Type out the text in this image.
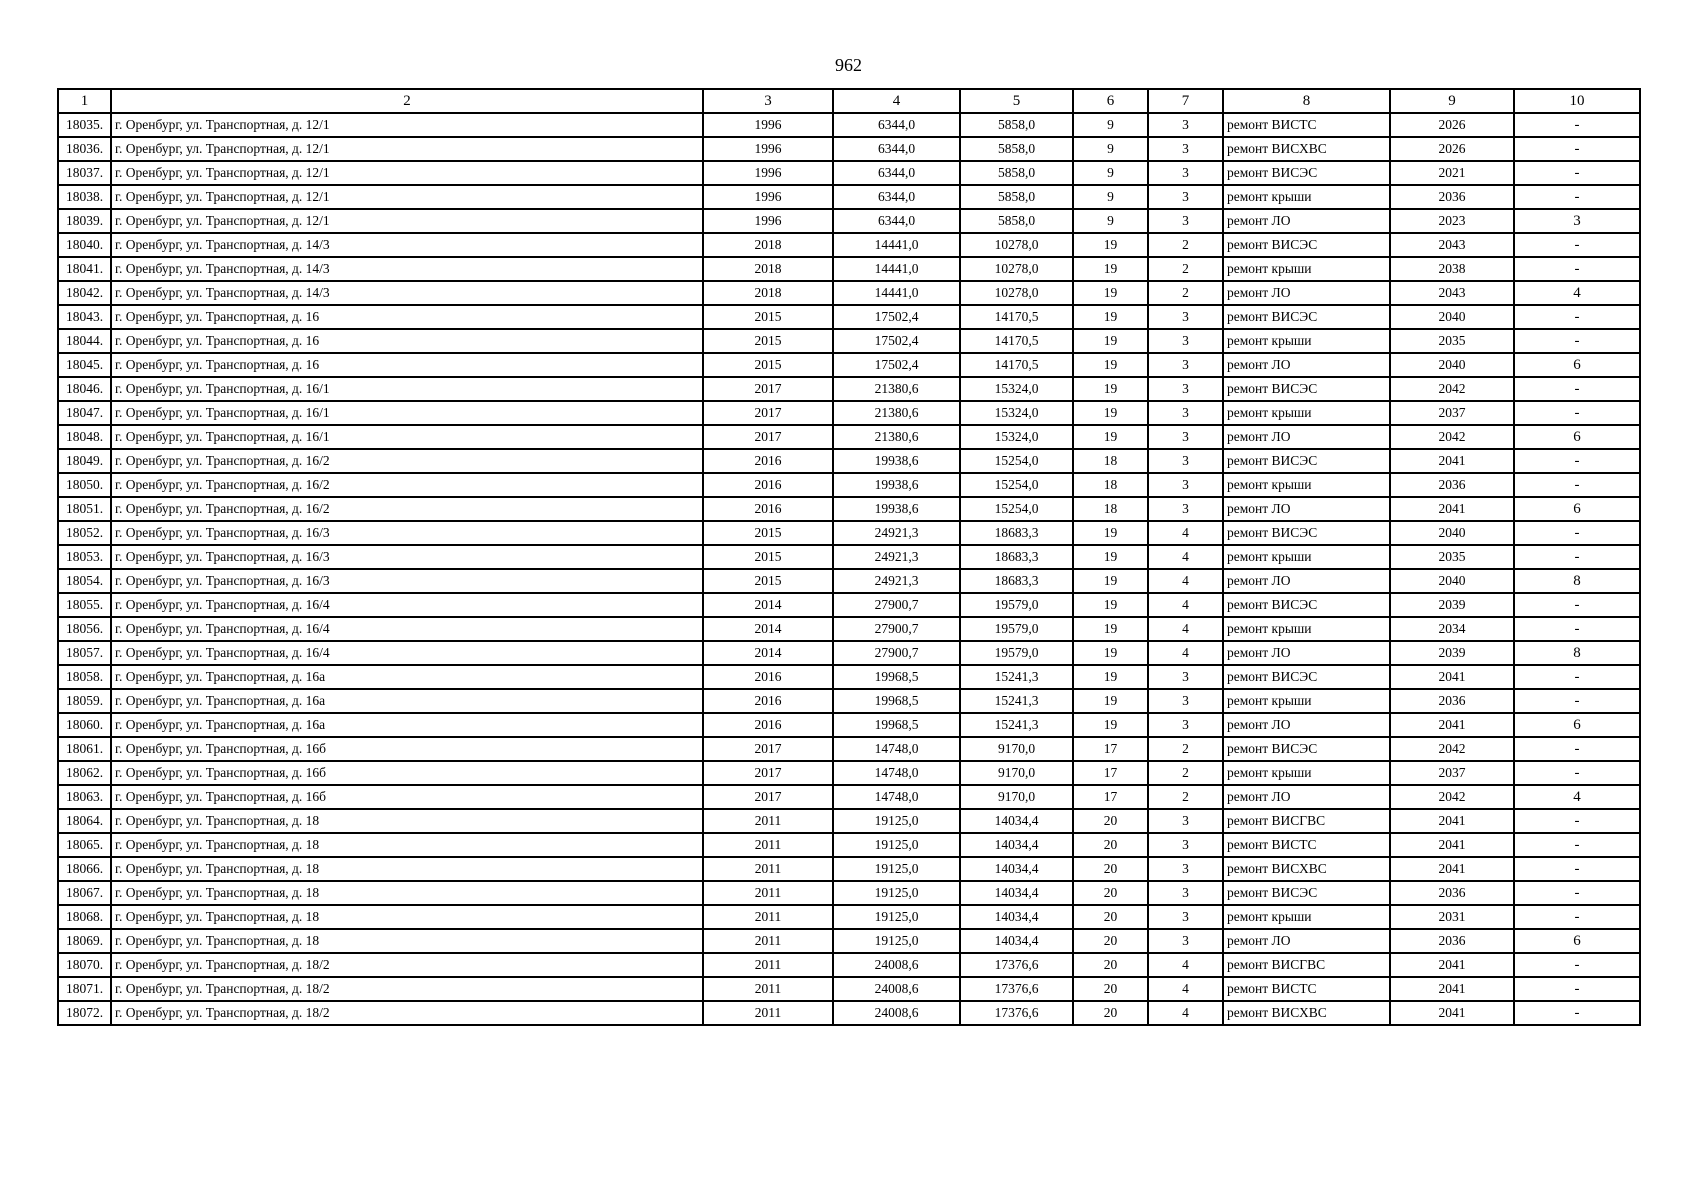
962
1	2	3	4	5	6	7	8	9	10
18035.	г. Оренбург, ул. Транспортная, д. 12/1	1996	6344,0	5858,0	9	3	ремонт ВИСТС	2026	-
18036.	г. Оренбург, ул. Транспортная, д. 12/1	1996	6344,0	5858,0	9	3	ремонт ВИСХВС	2026	-
18037.	г. Оренбург, ул. Транспортная, д. 12/1	1996	6344,0	5858,0	9	3	ремонт ВИСЭС	2021	-
18038.	г. Оренбург, ул. Транспортная, д. 12/1	1996	6344,0	5858,0	9	3	ремонт крыши	2036	-
18039.	г. Оренбург, ул. Транспортная, д. 12/1	1996	6344,0	5858,0	9	3	ремонт ЛО	2023	3
18040.	г. Оренбург, ул. Транспортная, д. 14/3	2018	14441,0	10278,0	19	2	ремонт ВИСЭС	2043	-
18041.	г. Оренбург, ул. Транспортная, д. 14/3	2018	14441,0	10278,0	19	2	ремонт крыши	2038	-
18042.	г. Оренбург, ул. Транспортная, д. 14/3	2018	14441,0	10278,0	19	2	ремонт ЛО	2043	4
18043.	г. Оренбург, ул. Транспортная, д. 16	2015	17502,4	14170,5	19	3	ремонт ВИСЭС	2040	-
18044.	г. Оренбург, ул. Транспортная, д. 16	2015	17502,4	14170,5	19	3	ремонт крыши	2035	-
18045.	г. Оренбург, ул. Транспортная, д. 16	2015	17502,4	14170,5	19	3	ремонт ЛО	2040	6
18046.	г. Оренбург, ул. Транспортная, д. 16/1	2017	21380,6	15324,0	19	3	ремонт ВИСЭС	2042	-
18047.	г. Оренбург, ул. Транспортная, д. 16/1	2017	21380,6	15324,0	19	3	ремонт крыши	2037	-
18048.	г. Оренбург, ул. Транспортная, д. 16/1	2017	21380,6	15324,0	19	3	ремонт ЛО	2042	6
18049.	г. Оренбург, ул. Транспортная, д. 16/2	2016	19938,6	15254,0	18	3	ремонт ВИСЭС	2041	-
18050.	г. Оренбург, ул. Транспортная, д. 16/2	2016	19938,6	15254,0	18	3	ремонт крыши	2036	-
18051.	г. Оренбург, ул. Транспортная, д. 16/2	2016	19938,6	15254,0	18	3	ремонт ЛО	2041	6
18052.	г. Оренбург, ул. Транспортная, д. 16/3	2015	24921,3	18683,3	19	4	ремонт ВИСЭС	2040	-
18053.	г. Оренбург, ул. Транспортная, д. 16/3	2015	24921,3	18683,3	19	4	ремонт крыши	2035	-
18054.	г. Оренбург, ул. Транспортная, д. 16/3	2015	24921,3	18683,3	19	4	ремонт ЛО	2040	8
18055.	г. Оренбург, ул. Транспортная, д. 16/4	2014	27900,7	19579,0	19	4	ремонт ВИСЭС	2039	-
18056.	г. Оренбург, ул. Транспортная, д. 16/4	2014	27900,7	19579,0	19	4	ремонт крыши	2034	-
18057.	г. Оренбург, ул. Транспортная, д. 16/4	2014	27900,7	19579,0	19	4	ремонт ЛО	2039	8
18058.	г. Оренбург, ул. Транспортная, д. 16а	2016	19968,5	15241,3	19	3	ремонт ВИСЭС	2041	-
18059.	г. Оренбург, ул. Транспортная, д. 16а	2016	19968,5	15241,3	19	3	ремонт крыши	2036	-
18060.	г. Оренбург, ул. Транспортная, д. 16а	2016	19968,5	15241,3	19	3	ремонт ЛО	2041	6
18061.	г. Оренбург, ул. Транспортная, д. 16б	2017	14748,0	9170,0	17	2	ремонт ВИСЭС	2042	-
18062.	г. Оренбург, ул. Транспортная, д. 16б	2017	14748,0	9170,0	17	2	ремонт крыши	2037	-
18063.	г. Оренбург, ул. Транспортная, д. 16б	2017	14748,0	9170,0	17	2	ремонт ЛО	2042	4
18064.	г. Оренбург, ул. Транспортная, д. 18	2011	19125,0	14034,4	20	3	ремонт ВИСГВС	2041	-
18065.	г. Оренбург, ул. Транспортная, д. 18	2011	19125,0	14034,4	20	3	ремонт ВИСТС	2041	-
18066.	г. Оренбург, ул. Транспортная, д. 18	2011	19125,0	14034,4	20	3	ремонт ВИСХВС	2041	-
18067.	г. Оренбург, ул. Транспортная, д. 18	2011	19125,0	14034,4	20	3	ремонт ВИСЭС	2036	-
18068.	г. Оренбург, ул. Транспортная, д. 18	2011	19125,0	14034,4	20	3	ремонт крыши	2031	-
18069.	г. Оренбург, ул. Транспортная, д. 18	2011	19125,0	14034,4	20	3	ремонт ЛО	2036	6
18070.	г. Оренбург, ул. Транспортная, д. 18/2	2011	24008,6	17376,6	20	4	ремонт ВИСГВС	2041	-
18071.	г. Оренбург, ул. Транспортная, д. 18/2	2011	24008,6	17376,6	20	4	ремонт ВИСТС	2041	-
18072.	г. Оренбург, ул. Транспортная, д. 18/2	2011	24008,6	17376,6	20	4	ремонт ВИСХВС	2041	-
